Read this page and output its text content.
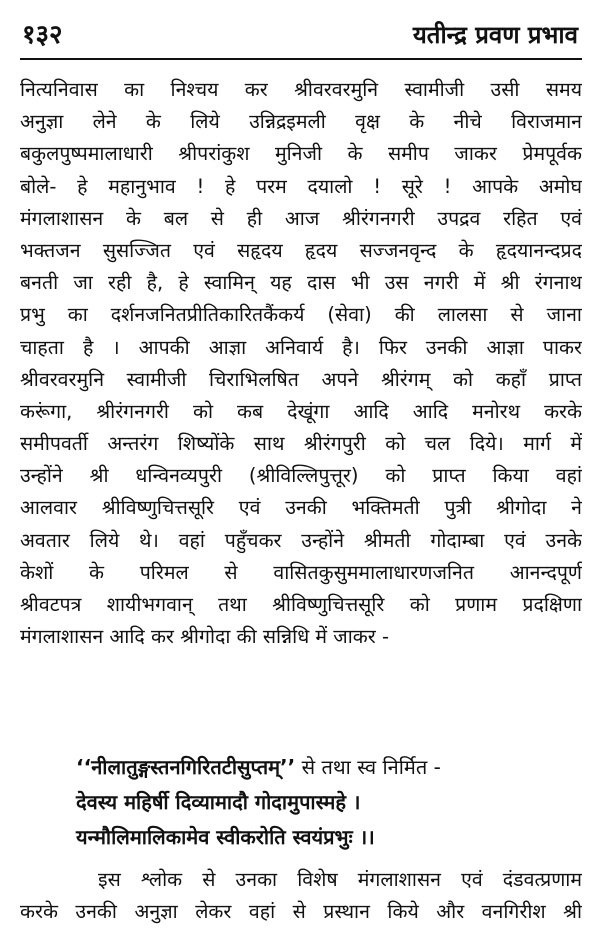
१३२	यतीन्द्र प्रवण प्रभाव
नित्यनिवास का निश्चय कर श्रीवरवरमुनि स्वामीजी उसी समय
अनुज्ञा लेने के लिये उन्निद्रइमली वृक्ष के नीचे विराजमान
बकुलपुष्पमालाधारी श्रीपरांकुश मुनिजी के समीप जाकर प्रेमपूर्वक
बोले- हे महानुभाव ! हे परम दयालो ! सूरे ! आपके अमोघ
मंगलाशासन के बल से ही आज श्रीरंगनगरी उपद्रव रहित एवं
भक्तजन सुसज्जित एवं सहृदय हृदय सज्जनवृन्द के हृदयानन्दप्रद
बनती जा रही है, हे स्वामिन् यह दास भी उस नगरी में श्री रंगनाथ
प्रभु का दर्शनजनितप्रीतिकारितकैंकर्य (सेवा) की लालसा से जाना
चाहता है । आपकी आज्ञा अनिवार्य है। फिर उनकी आज्ञा पाकर
श्रीवरवरमुनि स्वामीजी चिराभिलषित अपने श्रीरंगम् को कहाँ प्राप्त
करूंगा, श्रीरंगनगरी को कब देखूंगा आदि आदि मनोरथ करके
समीपवर्ती अन्तरंग शिष्योंके साथ श्रीरंगपुरी को चल दिये। मार्ग में
उन्होंने श्री धन्विनव्यपुरी (श्रीविल्लिपुत्तूर) को प्राप्त किया वहां
आलवार श्रीविष्णुचित्तसूरि एवं उनकी भक्तिमती पुत्री श्रीगोदा ने
अवतार लिये थे। वहां पहुँचकर उन्होंने श्रीमती गोदाम्बा एवं उनके
केशों के परिमल से वासितकुसुममालाधारणजनित आनन्दपूर्ण
श्रीवटपत्र शायीभगवान् तथा श्रीविष्णुचित्तसूरि को प्रणाम प्रदक्षिणा
मंगलाशासन आदि कर श्रीगोदा की सन्निधि में जाकर -
‘‘नीलातुङ्गस्तनगिरितटीसुप्तम्’’ से तथा स्व निर्मित -
देवस्य महिर्षी दिव्यामादौ गोदामुपास्महे ।
यन्मौलिमालिकामेव स्वीकरोति स्वयंप्रभुः ।।
इस श्लोक से उनका विशेष मंगलाशासन एवं दंडवत्प्रणाम
करके उनकी अनुज्ञा लेकर वहां से प्रस्थान किये और वनगिरीश श्री
